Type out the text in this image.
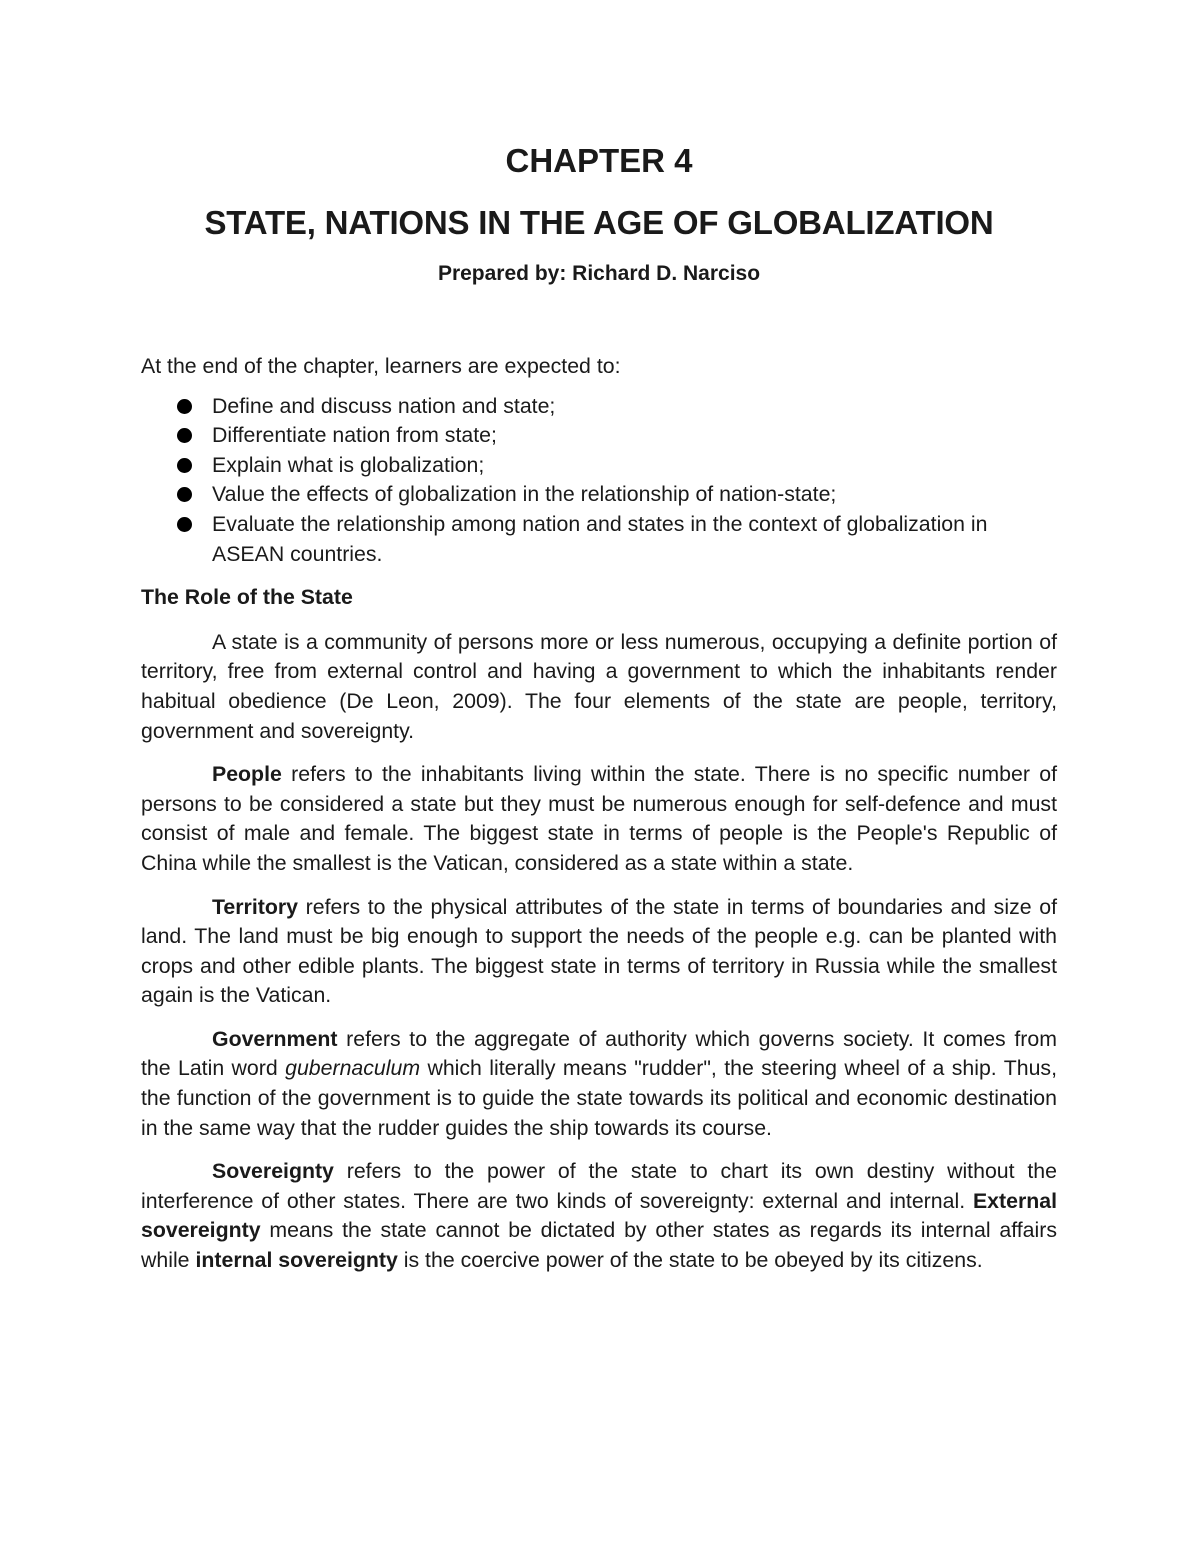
CHAPTER 4
STATE, NATIONS IN THE AGE OF GLOBALIZATION
Prepared by: Richard D. Narciso

At the end of the chapter, learners are expected to:

Define and discuss nation and state;
Differentiate nation from state;
Explain what is globalization;
Value the effects of globalization in the relationship of nation-state;
Evaluate the relationship among nation and states in the context of globalization in ASEAN countries.
The Role of the State

A state is a community of persons more or less numerous, occupying a definite portion of territory, free from external control and having a government to which the inhabitants render habitual obedience (De Leon, 2009). The four elements of the state are people, territory, government and sovereignty.

People refers to the inhabitants living within the state. There is no specific number of persons to be considered a state but they must be numerous enough for self-defence and must consist of male and female. The biggest state in terms of people is the People's Republic of China while the smallest is the Vatican, considered as a state within a state.

Territory refers to the physical attributes of the state in terms of boundaries and size of land. The land must be big enough to support the needs of the people e.g. can be planted with crops and other edible plants. The biggest state in terms of territory in Russia while the smallest again is the Vatican.

Government refers to the aggregate of authority which governs society. It comes from the Latin word gubernaculum which literally means "rudder", the steering wheel of a ship. Thus, the function of the government is to guide the state towards its political and economic destination in the same way that the rudder guides the ship towards its course.

Sovereignty refers to the power of the state to chart its own destiny without the interference of other states. There are two kinds of sovereignty: external and internal. External sovereignty means the state cannot be dictated by other states as regards its internal affairs while internal sovereignty is the coercive power of the state to be obeyed by its citizens.
